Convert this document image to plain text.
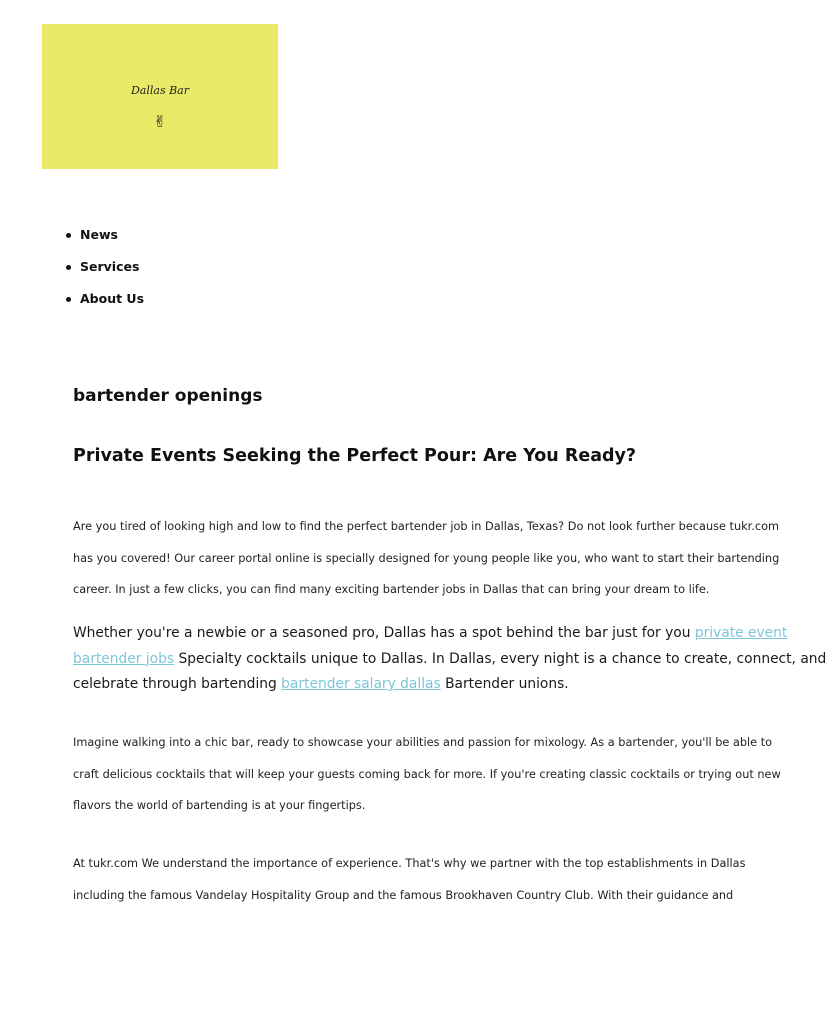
Dallas Bar
✌
News
Services
About Us
bartender openings
Private Events Seeking the Perfect Pour: Are You Ready?
Are you tired of looking high and low to find the perfect bartender job in Dallas, Texas? Do not look further because tukr.com
has you covered! Our career portal online is specially designed for young people like you, who want to start their bartending
career. In just a few clicks, you can find many exciting bartender jobs in Dallas that can bring your dream to life.
Whether you're a newbie or a seasoned pro, Dallas has a spot behind the bar just for you private event
bartender jobs Specialty cocktails unique to Dallas. In Dallas, every night is a chance to create, connect, and
celebrate through bartending bartender salary dallas Bartender unions.
Imagine walking into a chic bar, ready to showcase your abilities and passion for mixology. As a bartender, you'll be able to
craft delicious cocktails that will keep your guests coming back for more. If you're creating classic cocktails or trying out new
flavors the world of bartending is at your fingertips.
At tukr.com We understand the importance of experience. That's why we partner with the top establishments in Dallas
including the famous Vandelay Hospitality Group and the famous Brookhaven Country Club. With their guidance and
